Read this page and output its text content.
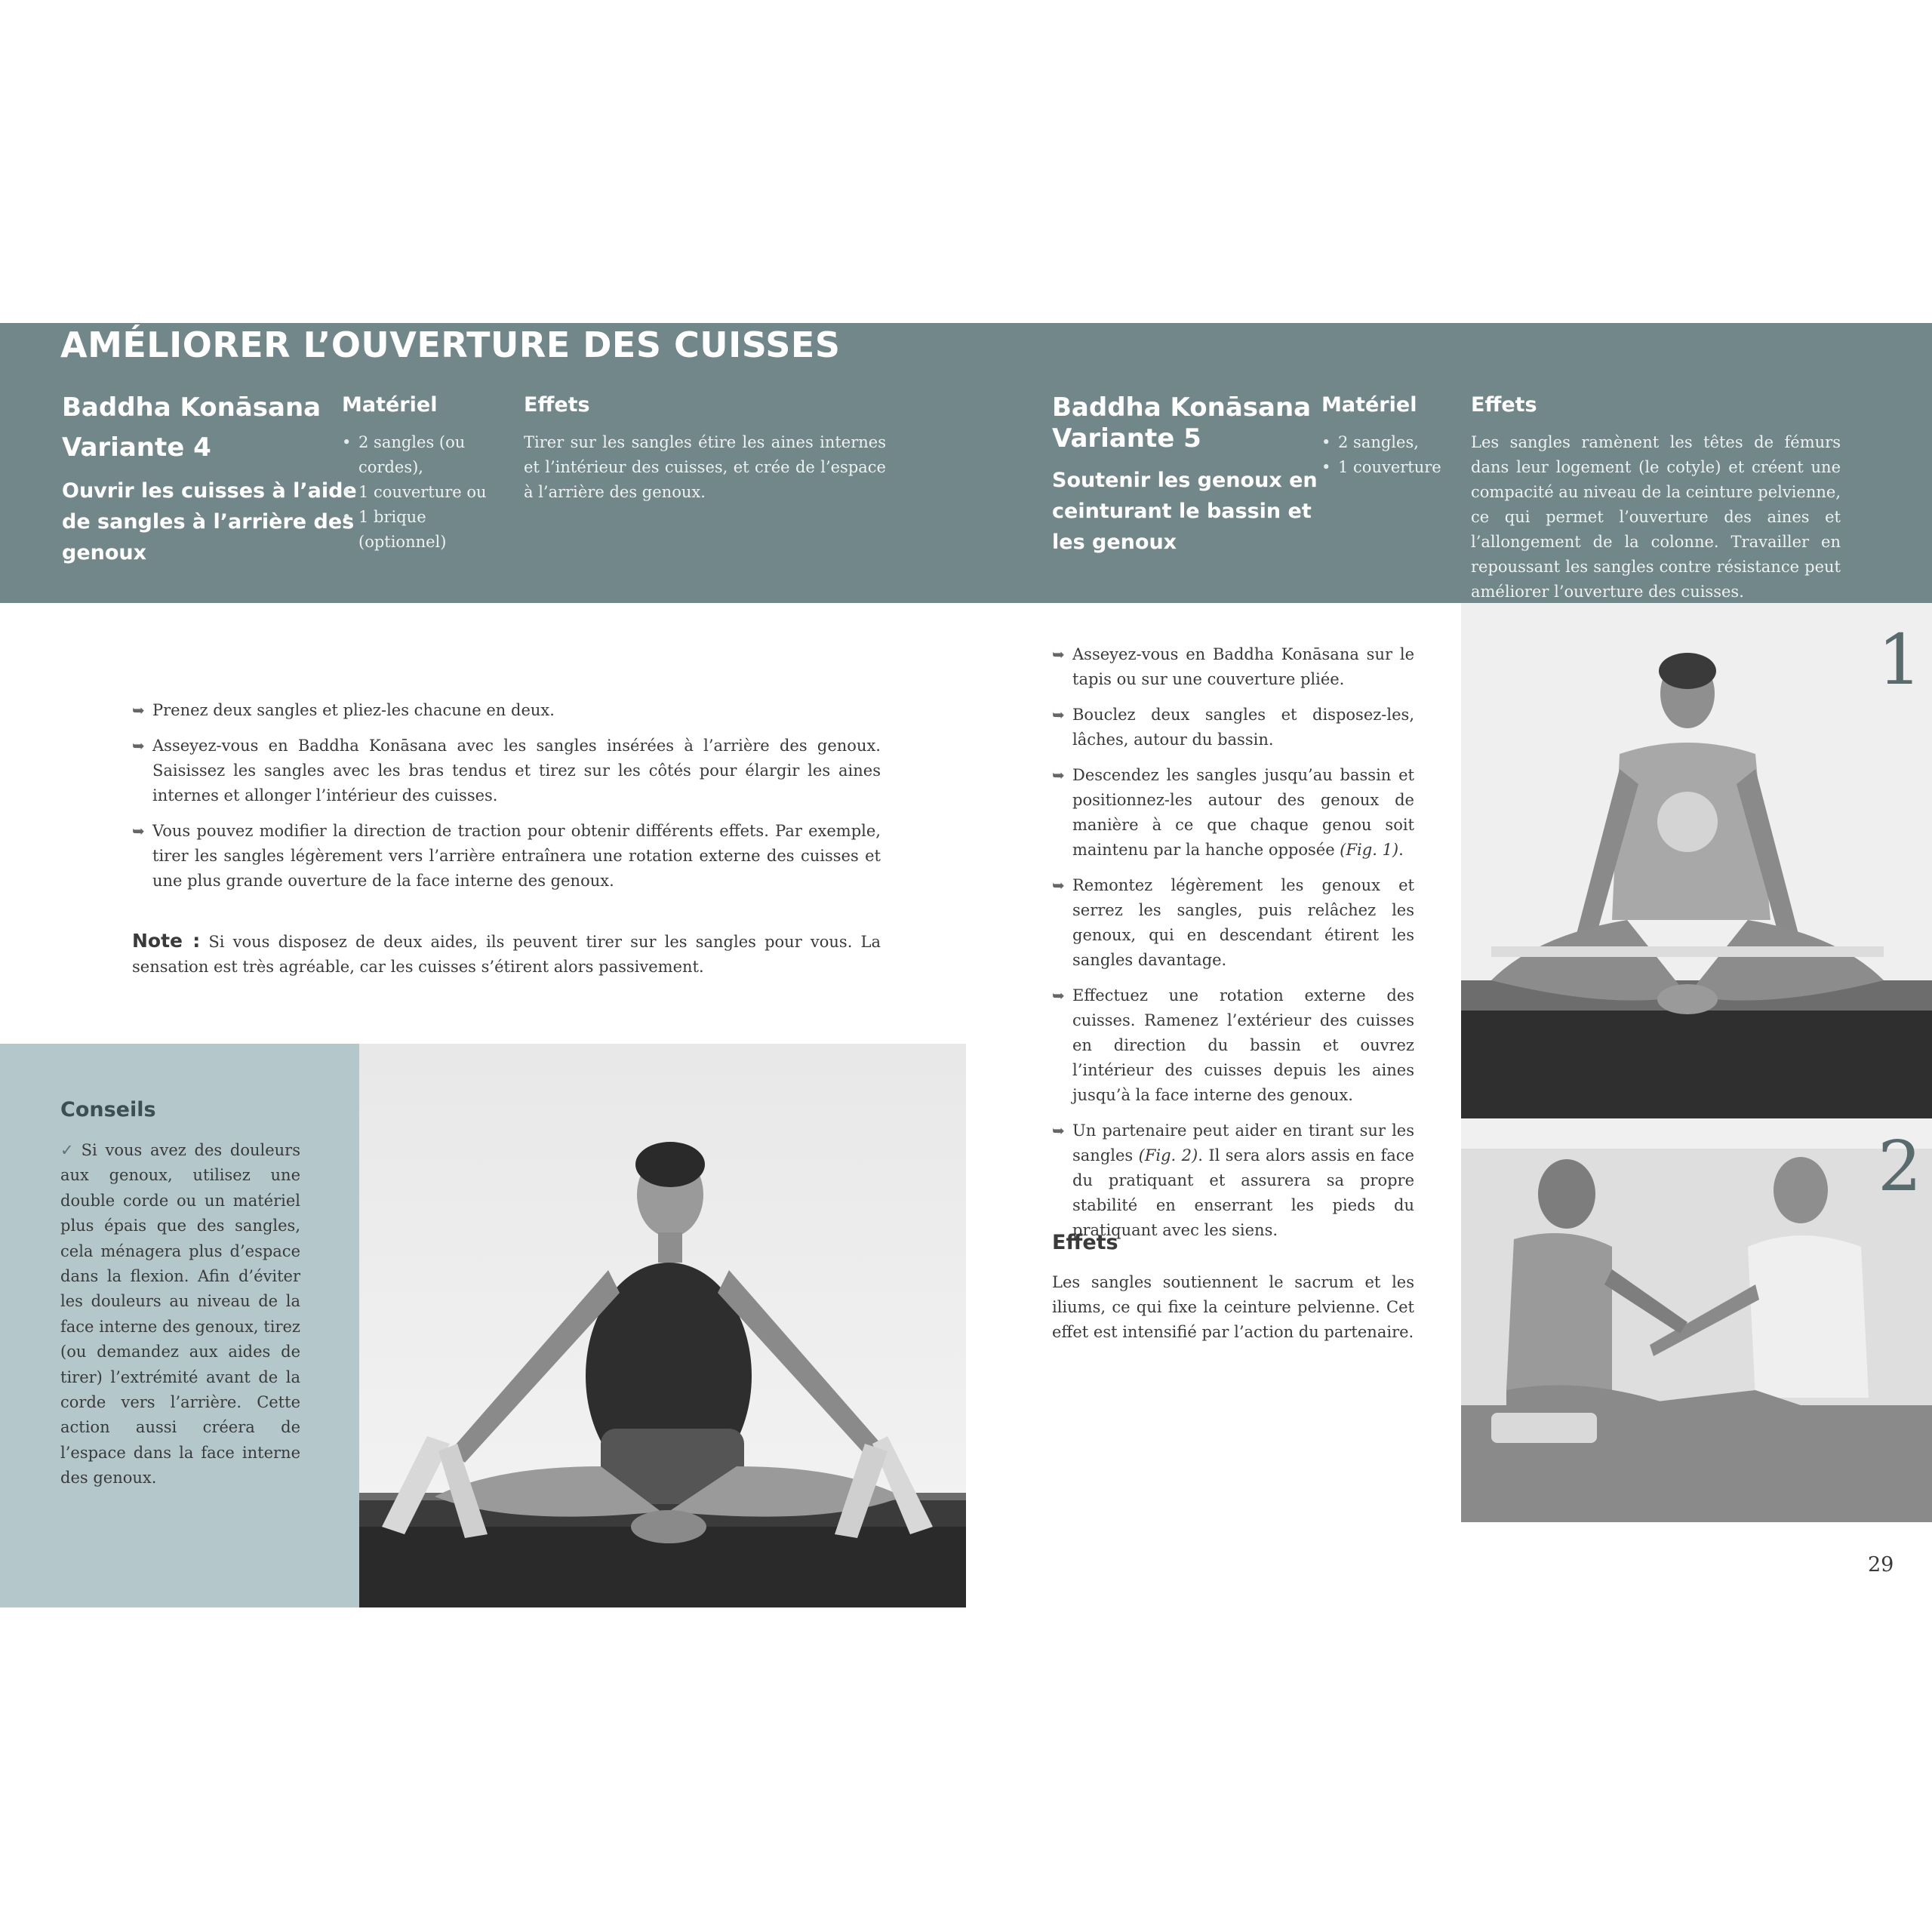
AMÉLIORER L’OUVERTURE DES CUISSES
Baddha Konāsana
Variante 4
Ouvrir les cuisses à l’aide
de sangles à l’arrière des
genoux
Matériel
• 2 sangles (ou cordes),
• 1 couverture ou
• 1 brique (optionnel)
Effets

Tirer sur les sangles étire les aines internes et l’intérieur des cuisses, et crée de l’espace à l’arrière des genoux.

Baddha Konāsana
Variante 5
Soutenir les genoux en
ceinturant le bassin et
les genoux
Matériel
• 2 sangles,
• 1 couverture
Effets

Les sangles ramènent les têtes de fémurs dans leur logement (le cotyle) et créent une compacité au niveau de la ceinture pelvienne, ce qui permet l’ouverture des aines et l’allongement de la colonne. Travailler en repoussant les sangles contre résistance peut améliorer l’ouverture des cuisses.

➥ Prenez deux sangles et pliez-les chacune en deux.
➥ Asseyez-vous en Baddha Konāsana avec les sangles insérées à l’arrière des genoux. Saisissez les sangles avec les bras tendus et tirez sur les côtés pour élargir les aines internes et allonger l’intérieur des cuisses.
➥ Vous pouvez modifier la direction de traction pour obtenir différents effets. Par exemple, tirer les sangles légèrement vers l’arrière entraînera une rotation externe des cuisses et une plus grande ouverture de la face interne des genoux.

Note : Si vous disposez de deux aides, ils peuvent tirer sur les sangles pour vous. La sensation est très agréable, car les cuisses s’étirent alors passivement.

Conseils
✓ Si vous avez des douleurs aux genoux, utilisez une double corde ou un matériel plus épais que des sangles, cela ménagera plus d’espace dans la flexion. Afin d’éviter les douleurs au niveau de la face interne des genoux, tirez (ou demandez aux aides de tirer) l’extrémité avant de la corde vers l’arrière. Cette action aussi créera de l’espace dans la face interne des genoux.
➥ Asseyez-vous en Baddha Konāsana sur le tapis ou sur une couverture pliée.
➥ Bouclez deux sangles et disposez-les, lâches, autour du bassin.
➥ Descendez les sangles jusqu’au bassin et positionnez-les autour des genoux de manière à ce que chaque genou soit maintenu par la hanche opposée (Fig. 1).
➥ Remontez légèrement les genoux et serrez les sangles, puis relâchez les genoux, qui en descendant étirent les sangles davantage.
➥ Effectuez une rotation externe des cuisses. Ramenez l’extérieur des cuisses en direction du bassin et ouvrez l’intérieur des cuisses depuis les aines jusqu’à la face interne des genoux.
➥ Un partenaire peut aider en tirant sur les sangles (Fig. 2). Il sera alors assis en face du pratiquant et assurera sa propre stabilité en enserrant les pieds du pratiquant avec les siens.
Effets

Les sangles soutiennent le sacrum et les iliums, ce qui fixe la ceinture pelvienne. Cet effet est intensifié par l’action du partenaire.

1
2
29
